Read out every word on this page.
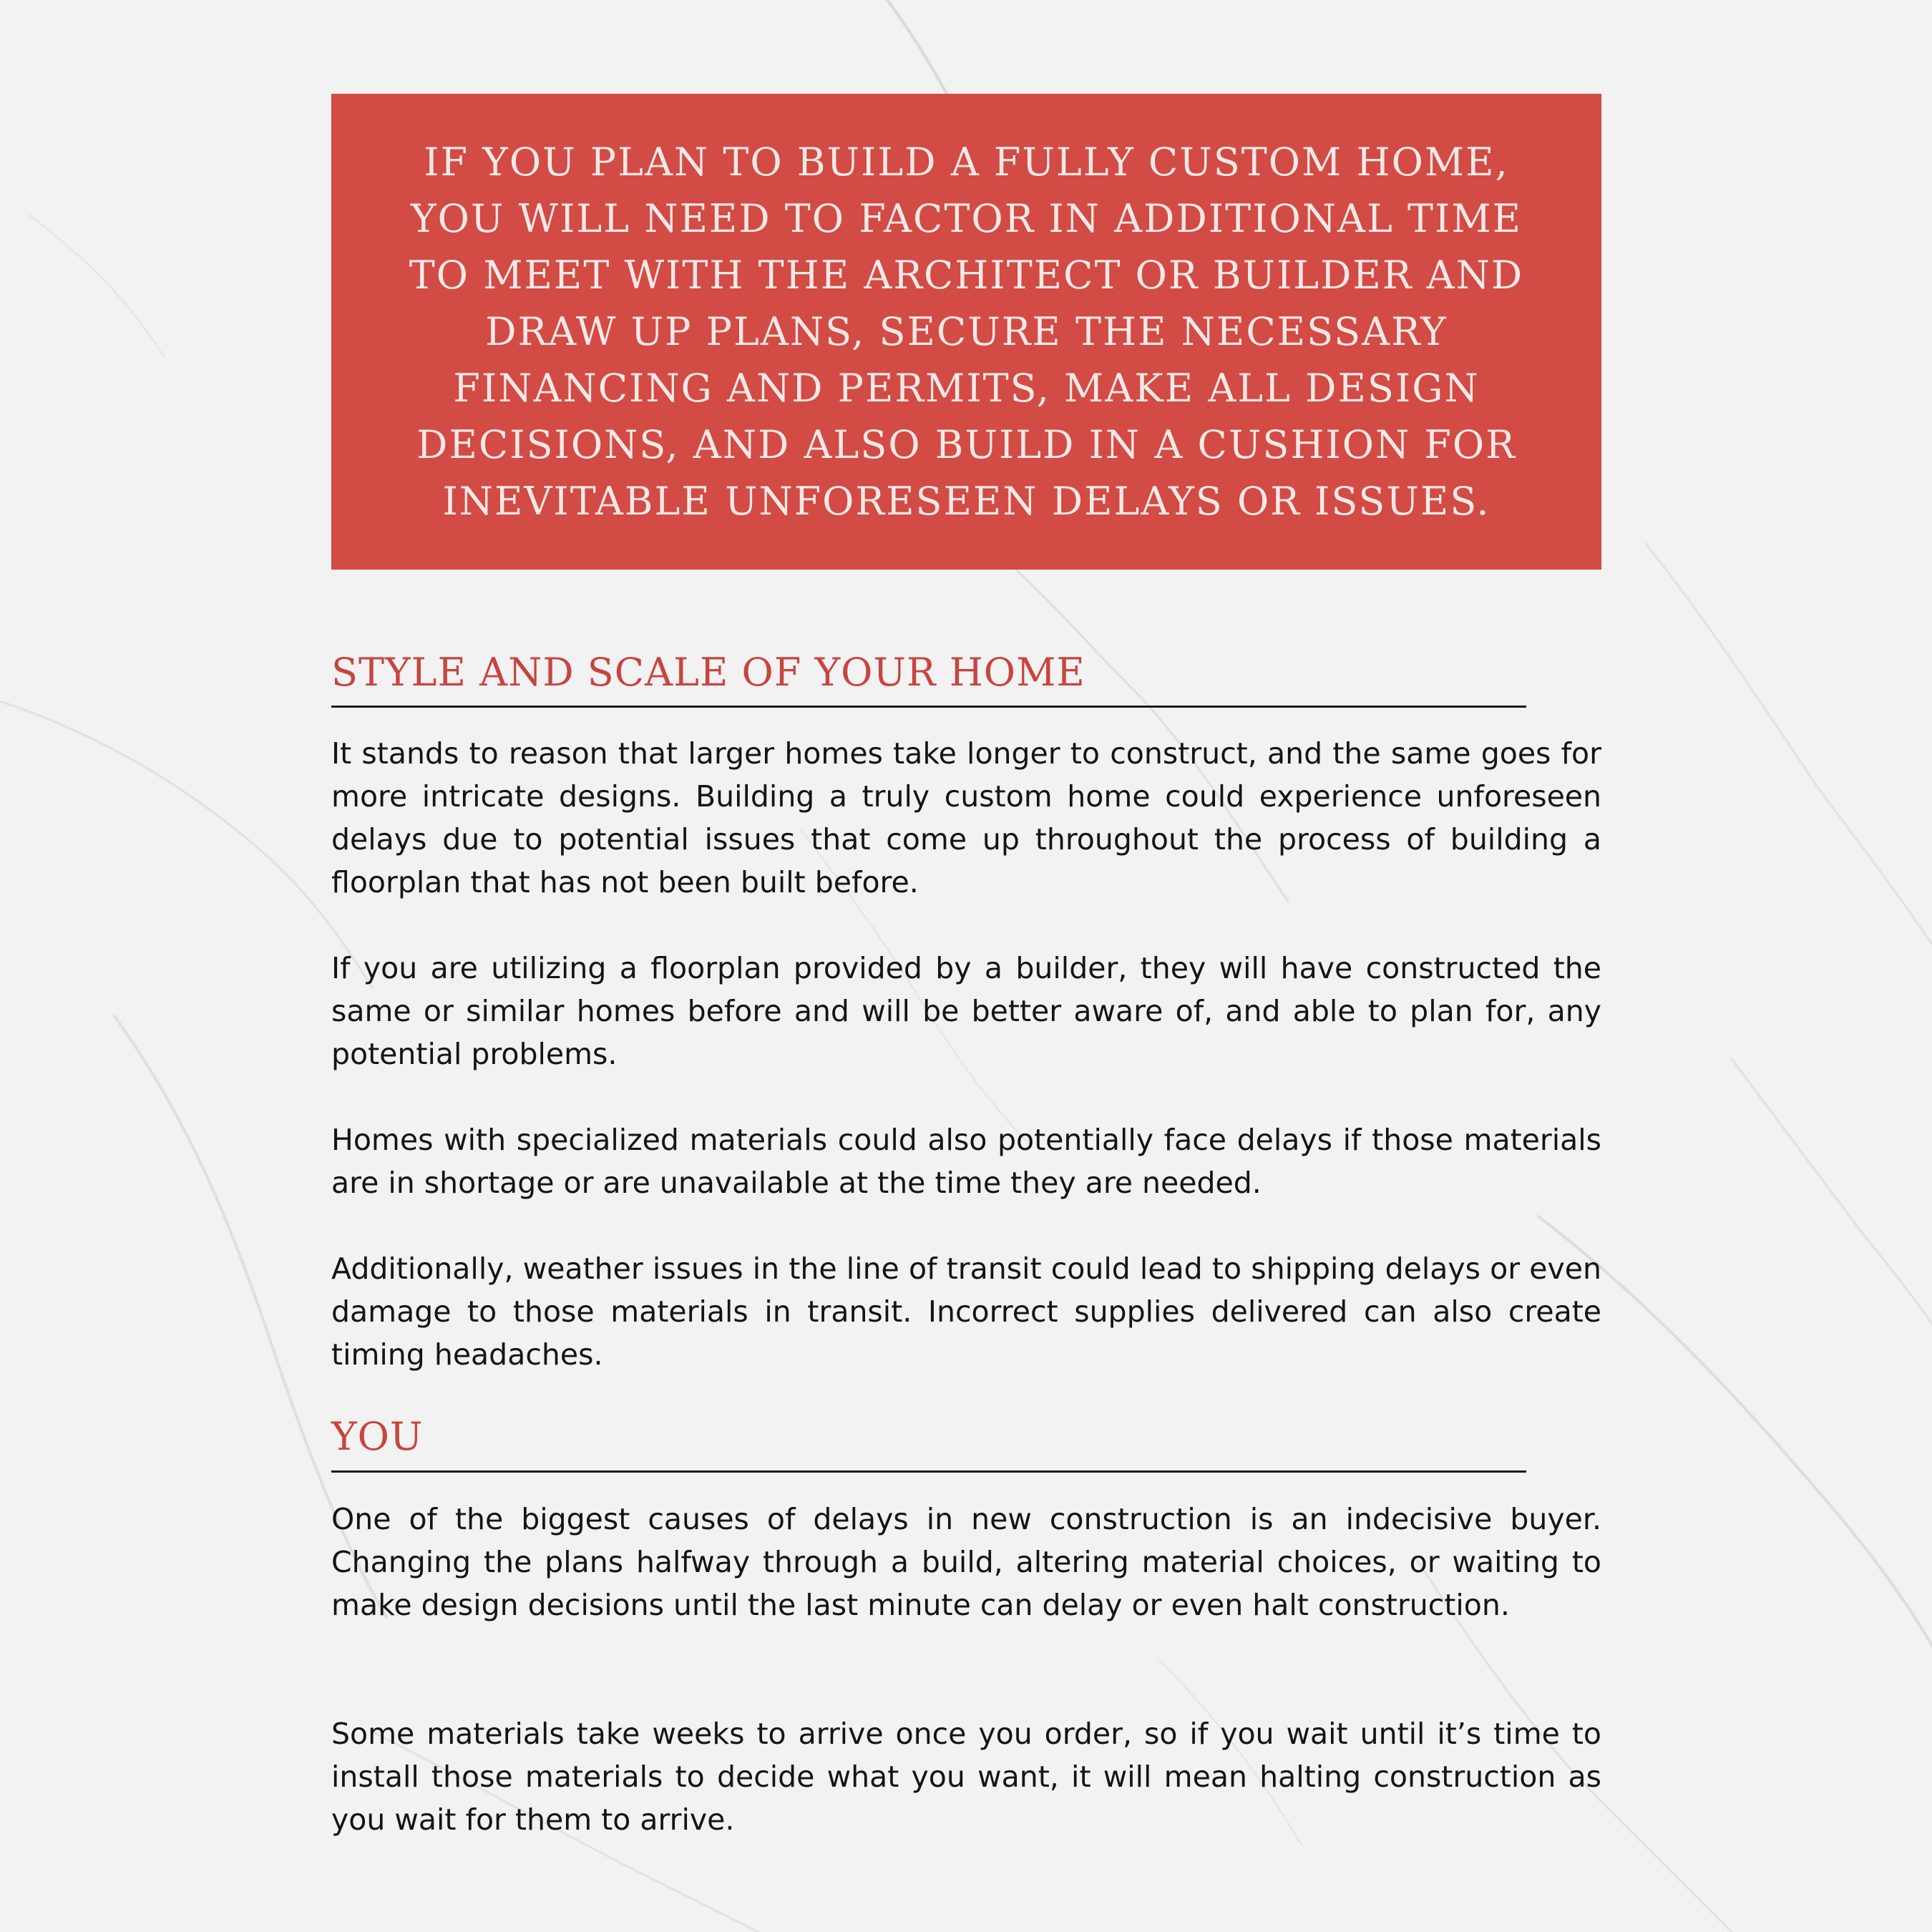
IF YOU PLAN TO BUILD A FULLY CUSTOM HOME, YOU WILL NEED TO FACTOR IN ADDITIONAL TIME TO MEET WITH THE ARCHITECT OR BUILDER AND DRAW UP PLANS, SECURE THE NECESSARY FINANCING AND PERMITS, MAKE ALL DESIGN DECISIONS, AND ALSO BUILD IN A CUSHION FOR INEVITABLE UNFORESEEN DELAYS OR ISSUES.

STYLE AND SCALE OF YOUR HOME

It stands to reason that larger homes take longer to construct, and the same goes for more intricate designs. Building a truly custom home could experience unforeseen delays due to potential issues that come up throughout the process of building a floorplan that has not been built before.

If you are utilizing a floorplan provided by a builder, they will have constructed the same or similar homes before and will be better aware of, and able to plan for, any potential problems.

Homes with specialized materials could also potentially face delays if those materials are in shortage or are unavailable at the time they are needed.

Additionally, weather issues in the line of transit could lead to shipping delays or even damage to those materials in transit. Incorrect supplies delivered can also create timing headaches.

YOU

One of the biggest causes of delays in new construction is an indecisive buyer. Changing the plans halfway through a build, altering material choices, or waiting to make design decisions until the last minute can delay or even halt construction.

Some materials take weeks to arrive once you order, so if you wait until it’s time to install those materials to decide what you want, it will mean halting construction as you wait for them to arrive.
